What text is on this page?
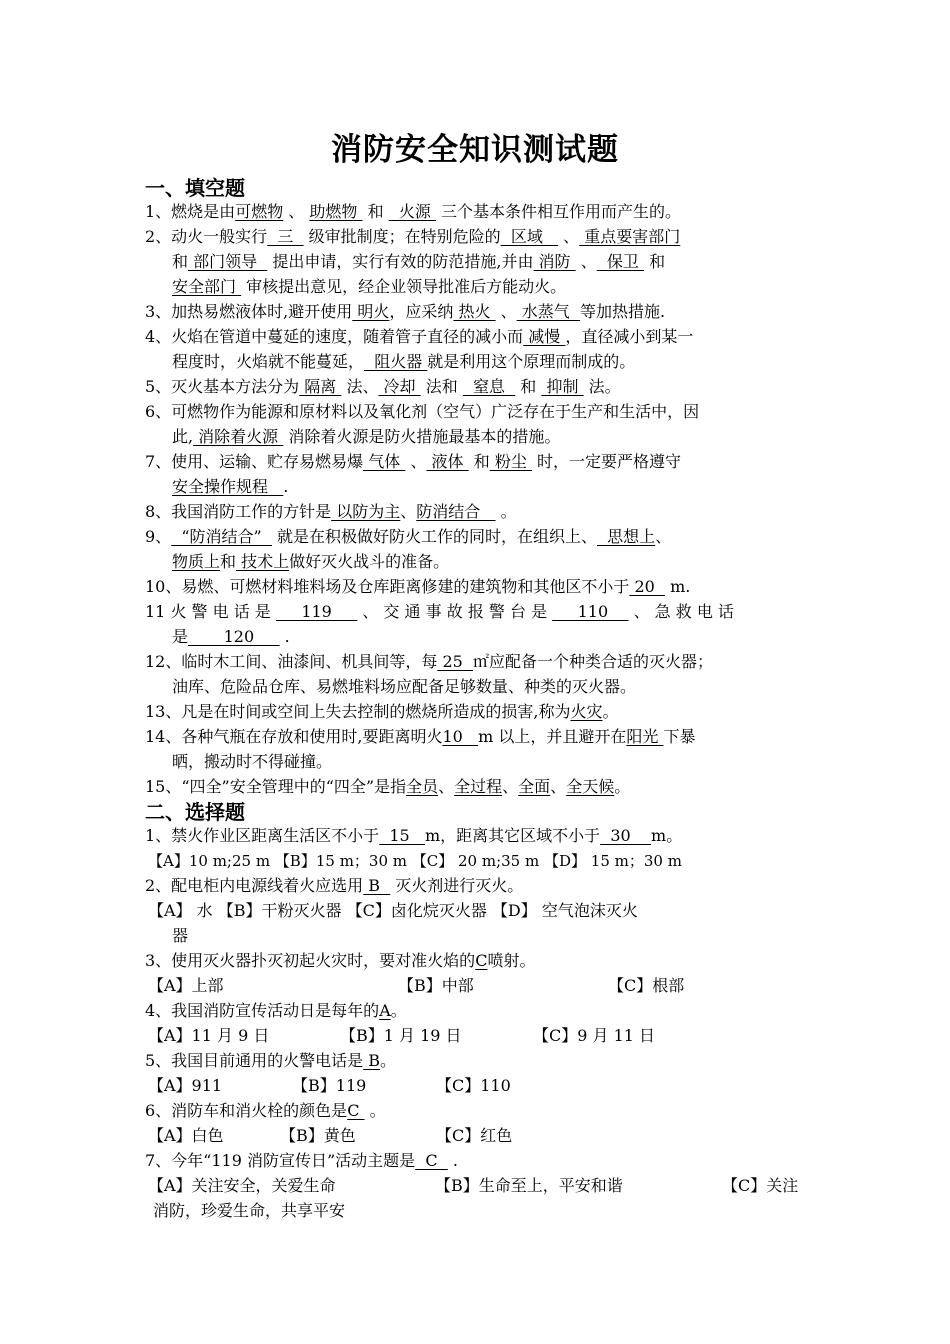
消防安全知识测试题
一、填空题
1、燃烧是由可燃物 、 助燃物  和   火源  三个基本条件相互作用而产生的。
2、动火一般实行  三   级审批制度；在特别危险的  区域    、 重点要害部门
和 部门领导   提出申请，实行有效的防范措施,并由 消防  、  保卫  和
安全部门  审核提出意见，经企业领导批准后方能动火。
3、加热易燃液体时,避开使用 明火，应采纳 热火  、 水蒸气  等加热措施.
4、火焰在管道中蔓延的速度，随着管子直径的减小而 减慢 ，直径减小到某一
程度时，火焰就不能蔓延，  阻火器 就是利用这个原理而制成的。
5、灭火基本方法分为 隔离  法、 冷却  法和   窒息   和  抑制  法。
6、可燃物作为能源和原材料以及氧化剂（空气）广泛存在于生产和生活中，因
此, 消除着火源  消除着火源是防火措施最基本的措施。
7、使用、运输、贮存易燃易爆 气体  、 液体  和 粉尘  时，一定要严格遵守
安全操作规程   .
8、我国消防工作的方针是 以防为主、防消结合    。
9、  “防消结合”   就是在积极做好防火工作的同时，在组织上、  思想上、
物质上和 技术上做好灭火战斗的准备。
10、易燃、可燃材料堆料场及仓库距离修建的建筑物和其他区不小于 20   m.
11 火 警 电 话 是      119      、 交 通 事 故 报 警 台 是      110     、 急 救 电 话
是       120      .
12、临时木工间、油漆间、机具间等，每 25  ㎡应配备一个种类合适的灭火器；
油库、危险品仓库、易燃堆料场应配备足够数量、种类的灭火器。
13、凡是在时间或空间上失去控制的燃烧所造成的损害,称为火灾。
14、各种气瓶在存放和使用时,要距离明火10   m 以上，并且避开在阳光 下暴
晒，搬动时不得碰撞。
15、“四全”安全管理中的“四全”是指全员、全过程、全面、全天候。
二、选择题
1、禁火作业区距离生活区不小于  15   m，距离其它区域不小于  30    m。
【A】10 m;25 m 【B】15 m；30 m 【C】 20 m;35 m 【D】 15 m；30 m
2、配电柜内电源线着火应选用 B   灭火剂进行灭火。
【A】 水 【B】干粉灭火器 【C】卤化烷灭火器 【D】 空气泡沫灭火
器
3、使用灭火器扑灭初起火灾时，要对准火焰的C喷射。
【A】上部	【B】中部	【C】根部
4、我国消防宣传活动日是每年的A。
【A】11 月 9 日	【B】1 月 19 日	【C】9 月 11 日
5、我国目前通用的火警电话是 B。
【A】911	【B】119	【C】110
6、消防车和消火栓的颜色是C  。
【A】白色	【B】黄色	【C】红色
7、今年“119 消防宣传日”活动主题是  C   .
【A】关注安全，关爱生命	【B】生命至上，平安和谐	【C】关注
消防，珍爱生命，共享平安
